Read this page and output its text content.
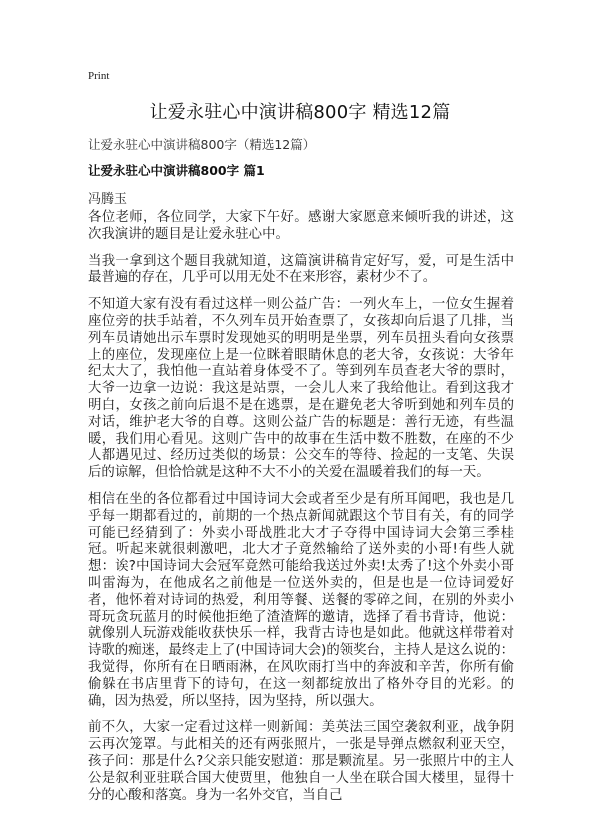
Print
让爱永驻心中演讲稿800字 精选12篇
让爱永驻心中演讲稿800字（精选12篇）
让爱永驻心中演讲稿800字 篇1
冯腾玉

各位老师，各位同学，大家下午好。感谢大家愿意来倾听我的讲述，这次我演讲的题目是让爱永驻心中。

当我一拿到这个题目我就知道，这篇演讲稿肯定好写，爱，可是生活中最普遍的存在，几乎可以用无处不在来形容，素材少不了。

不知道大家有没有看过这样一则公益广告：一列火车上，一位女生握着座位旁的扶手站着，不久列车员开始查票了，女孩却向后退了几排，当列车员请她出示车票时发现她买的明明是坐票，列车员扭头看向女孩票上的座位，发现座位上是一位眯着眼睛休息的老大爷，女孩说：大爷年纪太大了，我怕他一直站着身体受不了。等到列车员查老大爷的票时，大爷一边拿一边说：我这是站票，一会儿人来了我给他让。看到这我才明白，女孩之前向后退不是在逃票，是在避免老大爷听到她和列车员的对话，维护老大爷的自尊。这则公益广告的标题是：善行无迹，有些温暖，我们用心看见。这则广告中的故事在生活中数不胜数，在座的不少人都遇见过、经历过类似的场景：公交车的等待、捡起的一支笔、失误后的谅解，但恰恰就是这种不大不小的关爱在温暖着我们的每一天。

相信在坐的各位都看过中国诗词大会或者至少是有所耳闻吧，我也是几乎每一期都看过的，前期的一个热点新闻就跟这个节目有关，有的同学可能已经猜到了：外卖小哥战胜北大才子夺得中国诗词大会第三季桂冠。听起来就很刺激吧，北大才子竟然输给了送外卖的小哥!有些人就想：诶?中国诗词大会冠军竟然可能给我送过外卖!太秀了!这个外卖小哥叫雷海为，在他成名之前他是一位送外卖的，但是也是一位诗词爱好者，他怀着对诗词的热爱，利用等餐、送餐的零碎之间，在别的外卖小哥玩贪玩蓝月的时候他拒绝了渣渣辉的邀请，选择了看书背诗，他说：就像别人玩游戏能收获快乐一样，我背古诗也是如此。他就这样带着对诗歌的痴迷，最终走上了(中国诗词大会)的领奖台，主持人是这么说的：我觉得，你所有在日晒雨淋，在风吹雨打当中的奔波和辛苦，你所有偷偷躲在书店里背下的诗句，在这一刻都绽放出了格外夺目的光彩。的确，因为热爱，所以坚持，因为坚持，所以强大。

前不久，大家一定看过这样一则新闻：美英法三国空袭叙利亚，战争阴云再次笼罩。与此相关的还有两张照片，一张是导弹点燃叙利亚天空，孩子问：那是什么?父亲只能安慰道：那是颗流星。另一张照片中的主人公是叙利亚驻联合国大使贾里，他独自一人坐在联合国大楼里，显得十分的心酸和落寞。身为一名外交官，当自己
